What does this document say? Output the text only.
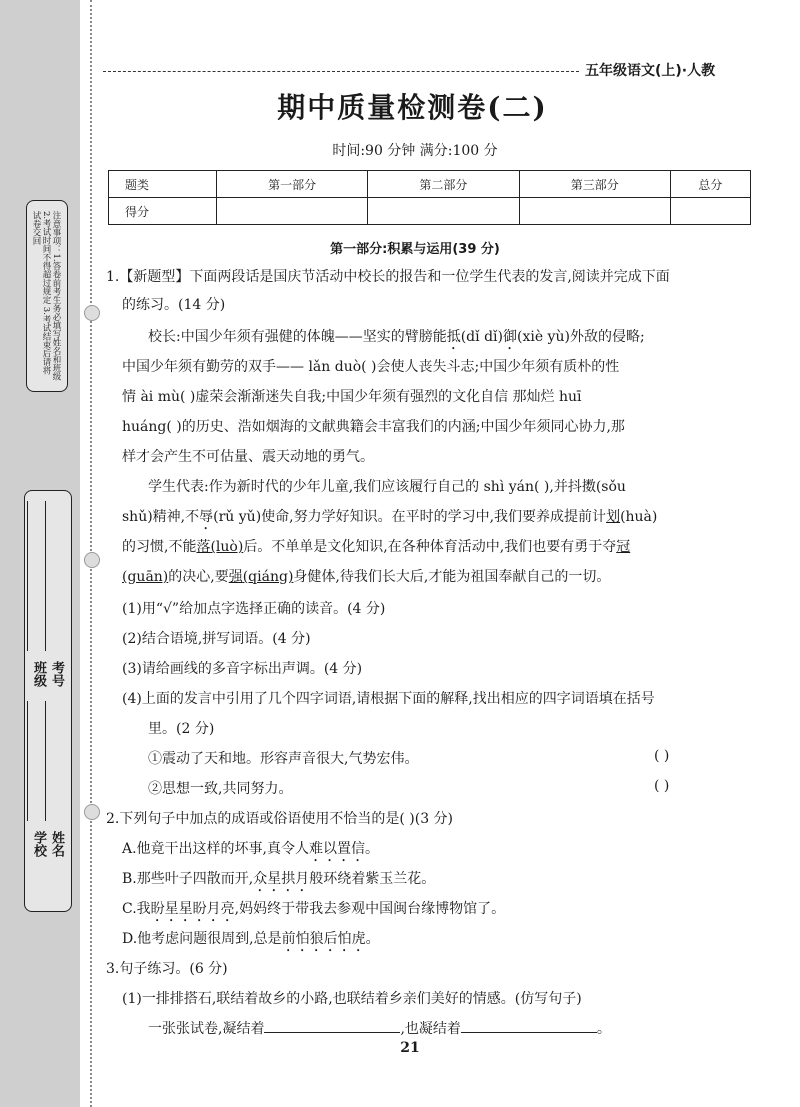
注意事项：1.答卷前考生务必填写姓名和班级 2.考试时间不得超过规定 3.考试结束后请将试卷交回
学校 姓名
班级 考号
五年级语文(上)·人教
期中质量检测卷(二)
时间:90 分钟 满分:100 分
题类	第一部分	第二部分	第三部分	总分
得分				
第一部分:积累与运用(39 分)
1.【新题型】下面两段话是国庆节活动中校长的报告和一位学生代表的发言,阅读并完成下面
的练习。(14 分)
校长:中国少年须有强健的体魄——坚实的臂膀能抵(dǐ dǐ)御(xiè yù)外敌的侵略;
中国少年须有勤劳的双手—— lǎn duò( )会使人丧失斗志;中国少年须有质朴的性
情 ài mù( )虚荣会渐渐迷失自我;中国少年须有强烈的文化自信 那灿烂 huī
huáng( )的历史、浩如烟海的文献典籍会丰富我们的内涵;中国少年须同心协力,那
样才会产生不可估量、震天动地的勇气。
学生代表:作为新时代的少年儿童,我们应该履行自己的 shì yán( ),并抖擞(sǒu
shǔ)精神,不辱(rǔ yǔ)使命,努力学好知识。在平时的学习中,我们要养成提前计划(huà)
的习惯,不能落(luò)后。不单单是文化知识,在各种体育活动中,我们也要有勇于夺冠
(guān)的决心,要强(qiáng)身健体,待我们长大后,才能为祖国奉献自己的一切。
(1)用“√”给加点字选择正确的读音。(4 分)
(2)结合语境,拼写词语。(4 分)
(3)请给画线的多音字标出声调。(4 分)
(4)上面的发言中引用了几个四字词语,请根据下面的解释,找出相应的四字词语填在括号
里。(2 分)
①震动了天和地。形容声音很大,气势宏伟。	( )
②思想一致,共同努力。	( )
2.下列句子中加点的成语或俗语使用不恰当的是( )(3 分)
A.他竟干出这样的坏事,真令人难以置信。
B.那些叶子四散而开,众星拱月般环绕着紫玉兰花。
C.我盼星星盼月亮,妈妈终于带我去参观中国闽台缘博物馆了。
D.他考虑问题很周到,总是前怕狼后怕虎。
3.句子练习。(6 分)
(1)一排排搭石,联结着故乡的小路,也联结着乡亲们美好的情感。(仿写句子)
一张张试卷,凝结着	,也凝结着	。
21
